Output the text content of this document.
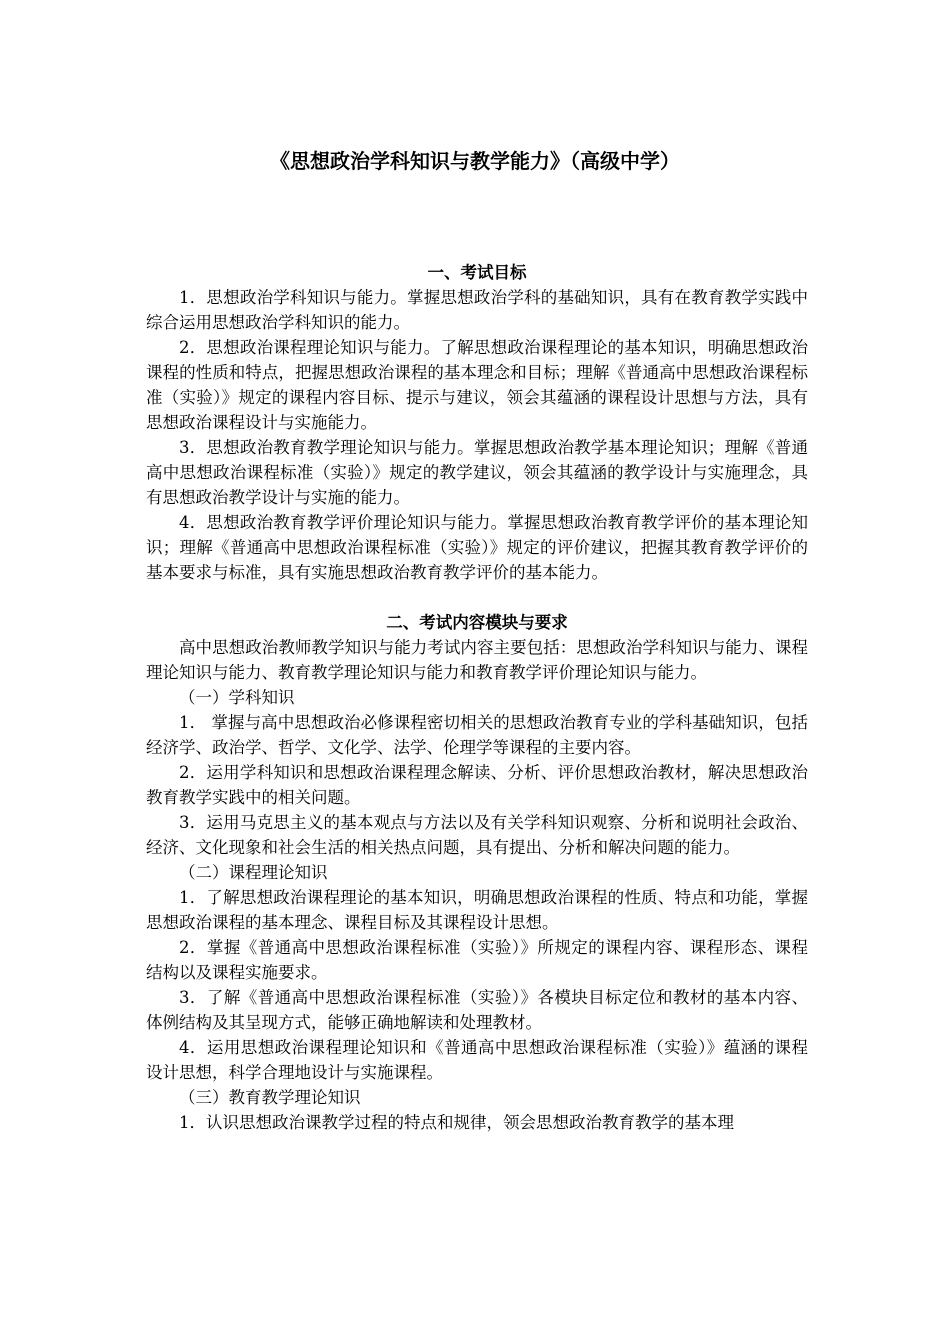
《思想政治学科知识与教学能力》（高级中学）
一、考试目标

1．思想政治学科知识与能力。掌握思想政治学科的基础知识，具有在教育教学实践中综合运用思想政治学科知识的能力。

2．思想政治课程理论知识与能力。了解思想政治课程理论的基本知识，明确思想政治课程的性质和特点，把握思想政治课程的基本理念和目标；理解《普通高中思想政治课程标准（实验）》规定的课程内容目标、提示与建议，领会其蕴涵的课程设计思想与方法，具有思想政治课程设计与实施能力。

3．思想政治教育教学理论知识与能力。掌握思想政治教学基本理论知识；理解《普通高中思想政治课程标准（实验）》规定的教学建议，领会其蕴涵的教学设计与实施理念，具有思想政治教学设计与实施的能力。

4．思想政治教育教学评价理论知识与能力。掌握思想政治教育教学评价的基本理论知识；理解《普通高中思想政治课程标准（实验）》规定的评价建议，把握其教育教学评价的基本要求与标准，具有实施思想政治教育教学评价的基本能力。

二、考试内容模块与要求

高中思想政治教师教学知识与能力考试内容主要包括：思想政治学科知识与能力、课程理论知识与能力、教育教学理论知识与能力和教育教学评价理论知识与能力。

（一）学科知识

1． 掌握与高中思想政治必修课程密切相关的思想政治教育专业的学科基础知识，包括经济学、政治学、哲学、文化学、法学、伦理学等课程的主要内容。

2．运用学科知识和思想政治课程理念解读、分析、评价思想政治教材，解决思想政治教育教学实践中的相关问题。

3．运用马克思主义的基本观点与方法以及有关学科知识观察、分析和说明社会政治、经济、文化现象和社会生活的相关热点问题，具有提出、分析和解决问题的能力。

（二）课程理论知识

1．了解思想政治课程理论的基本知识，明确思想政治课程的性质、特点和功能，掌握思想政治课程的基本理念、课程目标及其课程设计思想。

2．掌握《普通高中思想政治课程标准（实验）》所规定的课程内容、课程形态、课程结构以及课程实施要求。

3．了解《普通高中思想政治课程标准（实验）》各模块目标定位和教材的基本内容、体例结构及其呈现方式，能够正确地解读和处理教材。

4．运用思想政治课程理论知识和《普通高中思想政治课程标准（实验）》蕴涵的课程设计思想，科学合理地设计与实施课程。

（三）教育教学理论知识

1．认识思想政治课教学过程的特点和规律，领会思想政治教育教学的基本理
